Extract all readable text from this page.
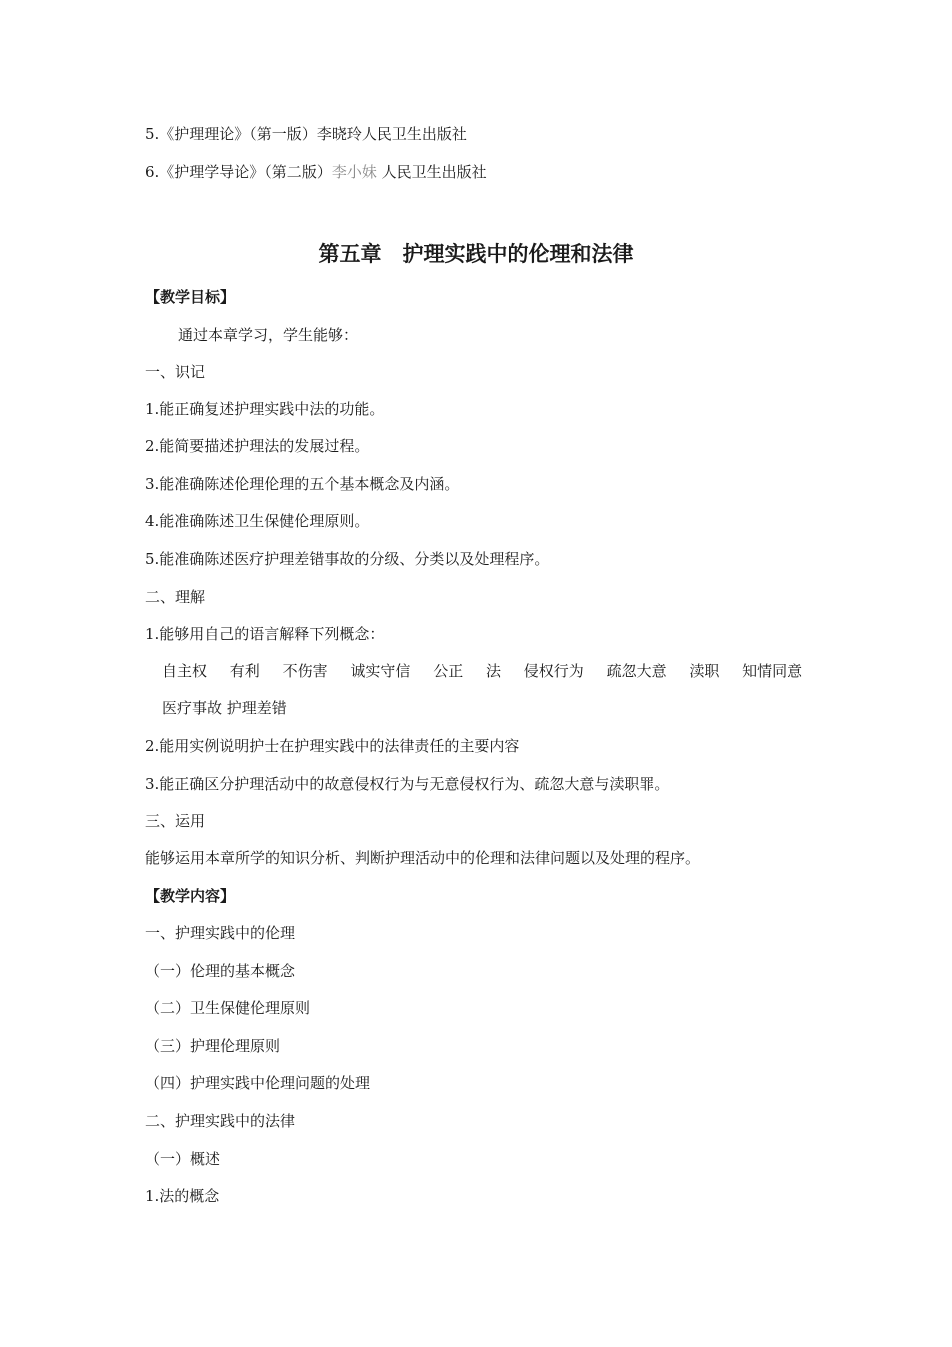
5.《护理理论》（第一版）李晓玲人民卫生出版社
6.《护理学导论》（第二版）李小妹 人民卫生出版社
第五章　护理实践中的伦理和法律
【教学目标】
通过本章学习，学生能够：
一、识记
1.能正确复述护理实践中法的功能。
2.能简要描述护理法的发展过程。
3.能准确陈述伦理伦理的五个基本概念及内涵。
4.能准确陈述卫生保健伦理原则。
5.能准确陈述医疗护理差错事故的分级、分类以及处理程序。
二、理解
1.能够用自己的语言解释下列概念：
自主权 有利 不伤害 诚实守信 公正 法 侵权行为 疏忽大意 渎职 知情同意
医疗事故 护理差错
2.能用实例说明护士在护理实践中的法律责任的主要内容
3.能正确区分护理活动中的故意侵权行为与无意侵权行为、疏忽大意与渎职罪。
三、运用
能够运用本章所学的知识分析、判断护理活动中的伦理和法律问题以及处理的程序。
【教学内容】
一、护理实践中的伦理
（一）伦理的基本概念
（二）卫生保健伦理原则
（三）护理伦理原则
（四）护理实践中伦理问题的处理
二、护理实践中的法律
（一）概述
1.法的概念
